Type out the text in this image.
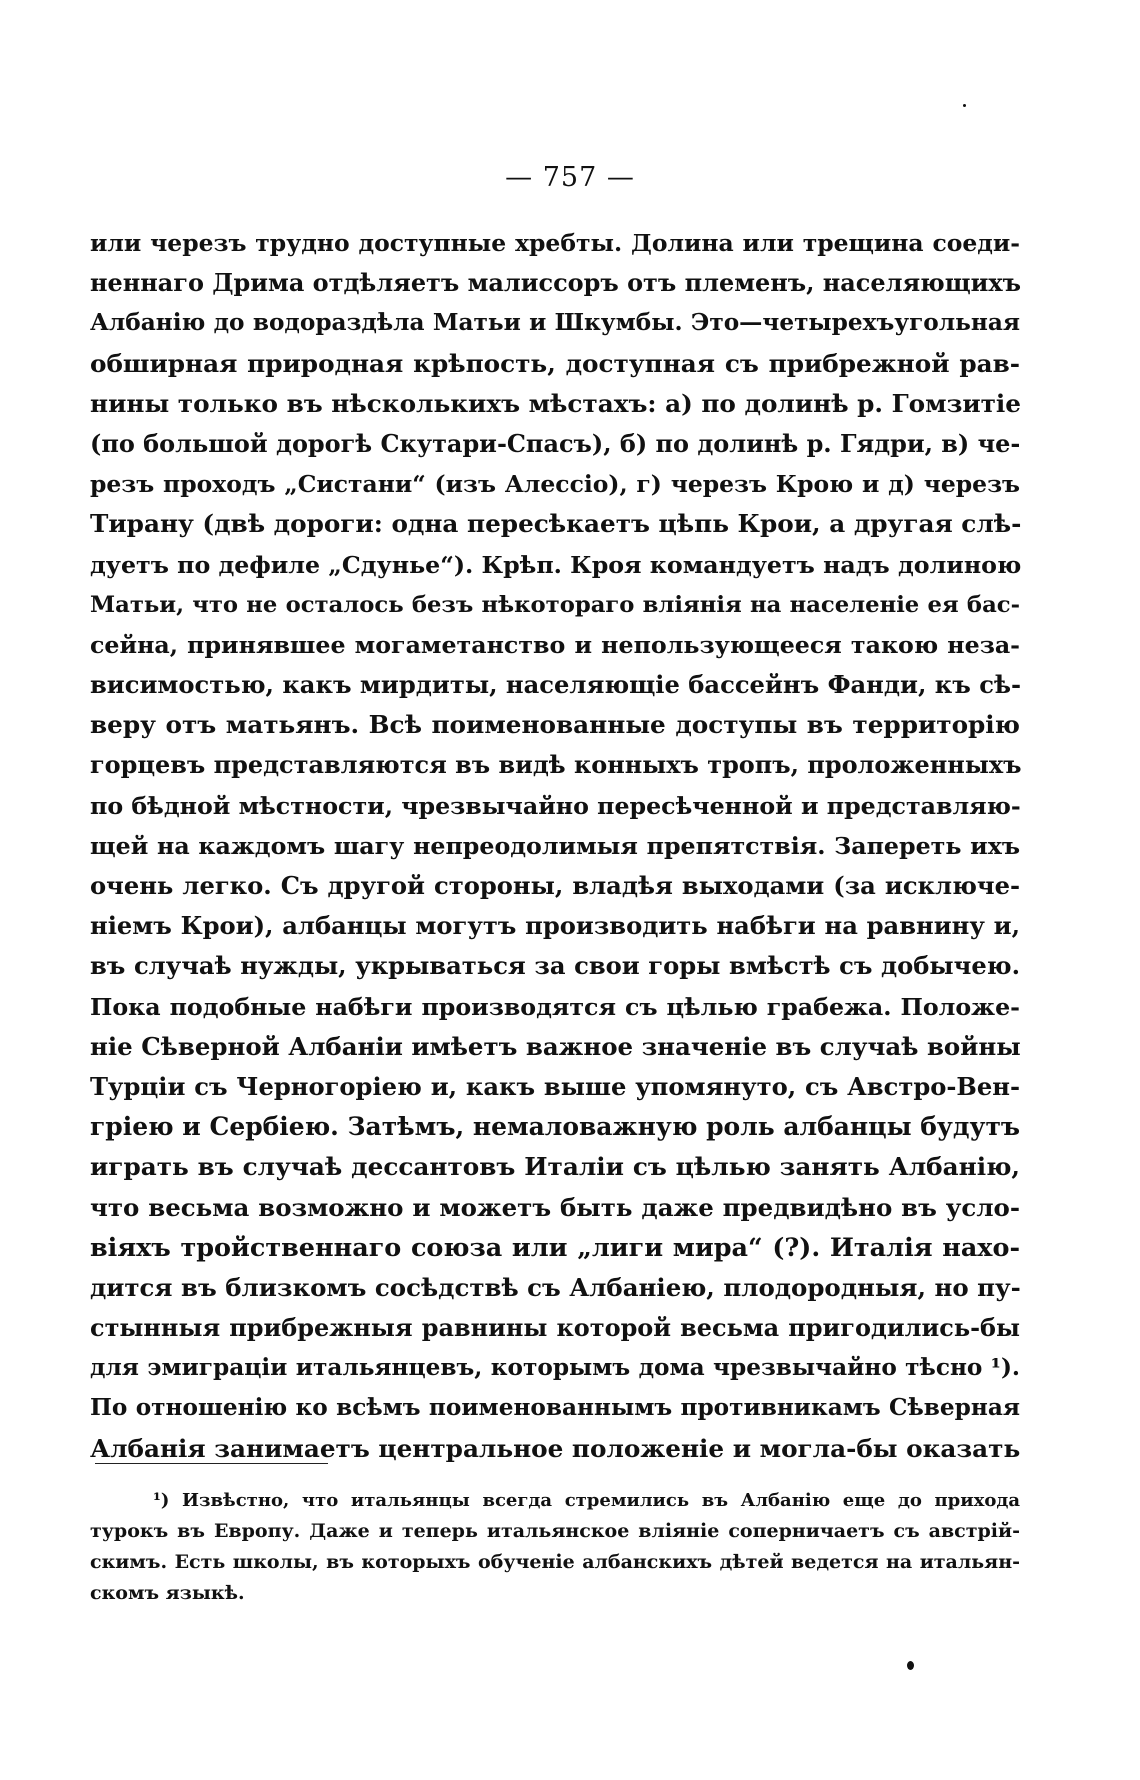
— 757 —
или черезъ трудно доступные хребты. Долина или трещина соеди-
неннаго Дрима отдѣляетъ малиссоръ отъ племенъ, населяющихъ
Албанію до водораздѣла Матьи и Шкумбы. Это—четырехъугольная
обширная природная крѣпость, доступная съ прибрежной рав-
нины только въ нѣсколькихъ мѣстахъ: а) по долинѣ р. Гомзитіе
(по большой дорогѣ Скутари-Спасъ), б) по долинѣ р. Гядри, в) че-
резъ проходъ „Систани“ (изъ Алессіо), г) черезъ Крою и д) черезъ
Тирану (двѣ дороги: одна пересѣкаетъ цѣпь Крои, а другая слѣ-
дуетъ по дефиле „Сдунье“). Крѣп. Кроя командуетъ надъ долиною
Матьи, что не осталось безъ нѣкотораго вліянія на населеніе ея бас-
сейна, принявшее могаметанство и непользующееся такою неза-
висимостью, какъ мирдиты, населяющіе бассейнъ Фанди, къ сѣ-
веру отъ матьянъ. Всѣ поименованные доступы въ территорію
горцевъ представляются въ видѣ конныхъ тропъ, проложенныхъ
по бѣдной мѣстности, чрезвычайно пересѣченной и представляю-
щей на каждомъ шагу непреодолимыя препятствія. Запереть ихъ
очень легко. Съ другой стороны, владѣя выходами (за исключе-
ніемъ Крои), албанцы могутъ производить набѣги на равнину и,
въ случаѣ нужды, укрываться за свои горы вмѣстѣ съ добычею.
Пока подобные набѣги производятся съ цѣлью грабежа. Положе-
ніе Сѣверной Албаніи имѣетъ важное значеніе въ случаѣ войны
Турціи съ Черногоріею и, какъ выше упомянуто, съ Австро-Вен-
гріею и Сербіею. Затѣмъ, немаловажную роль албанцы будутъ
играть въ случаѣ дессантовъ Италіи съ цѣлью занять Албанію,
что весьма возможно и можетъ быть даже предвидѣно въ усло-
віяхъ тройственнаго союза или „лиги мира“ (?). Италія нахо-
дится въ близкомъ сосѣдствѣ съ Албаніею, плодородныя, но пу-
стынныя прибрежныя равнины которой весьма пригодились-бы
для эмиграціи итальянцевъ, которымъ дома чрезвычайно тѣсно ¹).
По отношенію ко всѣмъ поименованнымъ противникамъ Сѣверная
Албанія занимаетъ центральное положеніе и могла-бы оказать
¹) Извѣстно, что итальянцы всегда стремились въ Албанію еще до прихода
турокъ въ Европу. Даже и теперь итальянское вліяніе соперничаетъ съ австрій-
скимъ. Есть школы, въ которыхъ обученіе албанскихъ дѣтей ведется на итальян-
скомъ языкѣ.
